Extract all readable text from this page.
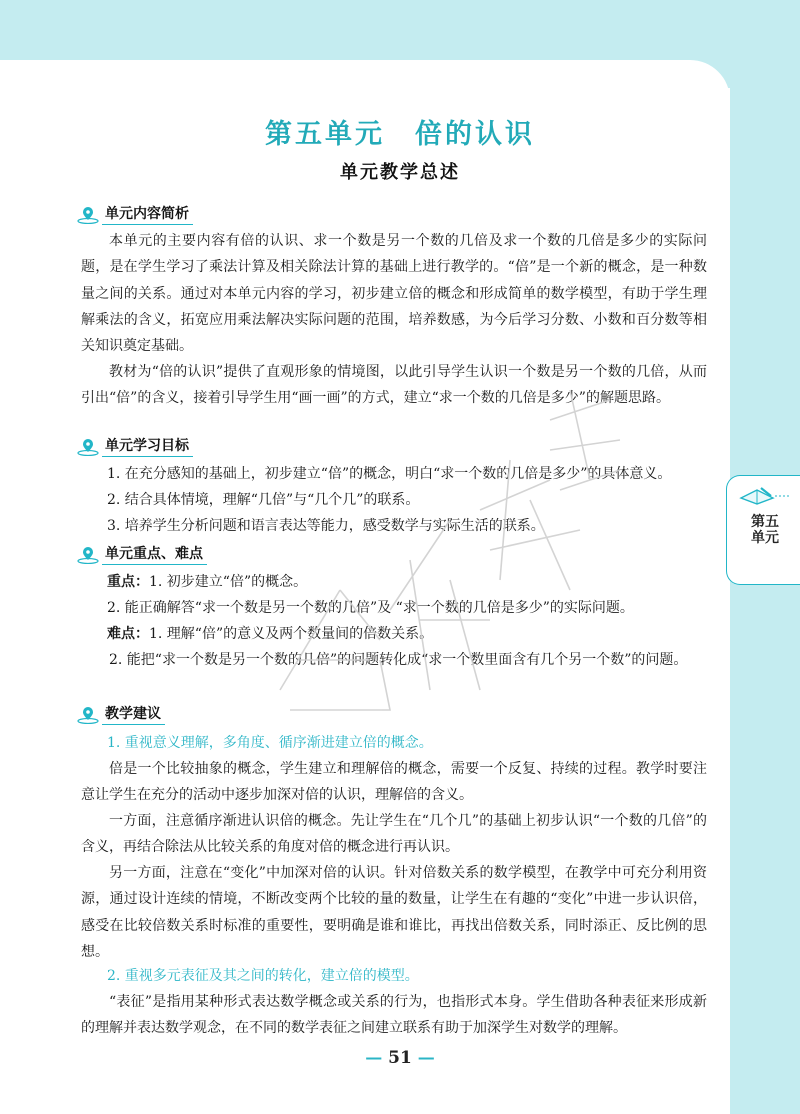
第五单元
第五单元 倍的认识
单元教学总述
单元内容简析
本单元的主要内容有倍的认识、求一个数是另一个数的几倍及求一个数的几倍是多少的实际问题，是在学生学习了乘法计算及相关除法计算的基础上进行教学的。“倍”是一个新的概念，是一种数量之间的关系。通过对本单元内容的学习，初步建立倍的概念和形成简单的数学模型，有助于学生理解乘法的含义，拓宽应用乘法解决实际问题的范围，培养数感，为今后学习分数、小数和百分数等相关知识奠定基础。
教材为“倍的认识”提供了直观形象的情境图，以此引导学生认识一个数是另一个数的几倍，从而引出“倍”的含义，接着引导学生用“画一画”的方式，建立“求一个数的几倍是多少”的解题思路。
单元学习目标
1. 在充分感知的基础上，初步建立“倍”的概念，明白“求一个数的几倍是多少”的具体意义。
2. 结合具体情境，理解“几倍”与“几个几”的联系。
3. 培养学生分析问题和语言表达等能力，感受数学与实际生活的联系。
单元重点、难点
重点：1. 初步建立“倍”的概念。
2. 能正确解答“求一个数是另一个数的几倍”及 “求一个数的几倍是多少”的实际问题。
难点：1. 理解“倍”的意义及两个数量间的倍数关系。
2. 能把“求一个数是另一个数的几倍”的问题转化成“求一个数里面含有几个另一个数”的问题。
教学建议
1. 重视意义理解，多角度、循序渐进建立倍的概念。
倍是一个比较抽象的概念，学生建立和理解倍的概念，需要一个反复、持续的过程。教学时要注意让学生在充分的活动中逐步加深对倍的认识，理解倍的含义。
一方面，注意循序渐进认识倍的概念。先让学生在“几个几”的基础上初步认识“一个数的几倍”的含义，再结合除法从比较关系的角度对倍的概念进行再认识。
另一方面，注意在“变化”中加深对倍的认识。针对倍数关系的数学模型，在教学中可充分利用资源，通过设计连续的情境，不断改变两个比较的量的数量，让学生在有趣的“变化”中进一步认识倍，感受在比较倍数关系时标准的重要性，要明确是谁和谁比，再找出倍数关系，同时添正、反比例的思想。
2. 重视多元表征及其之间的转化，建立倍的模型。
“表征”是指用某种形式表达数学概念或关系的行为，也指形式本身。学生借助各种表征来形成新的理解并表达数学观念，在不同的数学表征之间建立联系有助于加深学生对数学的理解。
— 51 —
